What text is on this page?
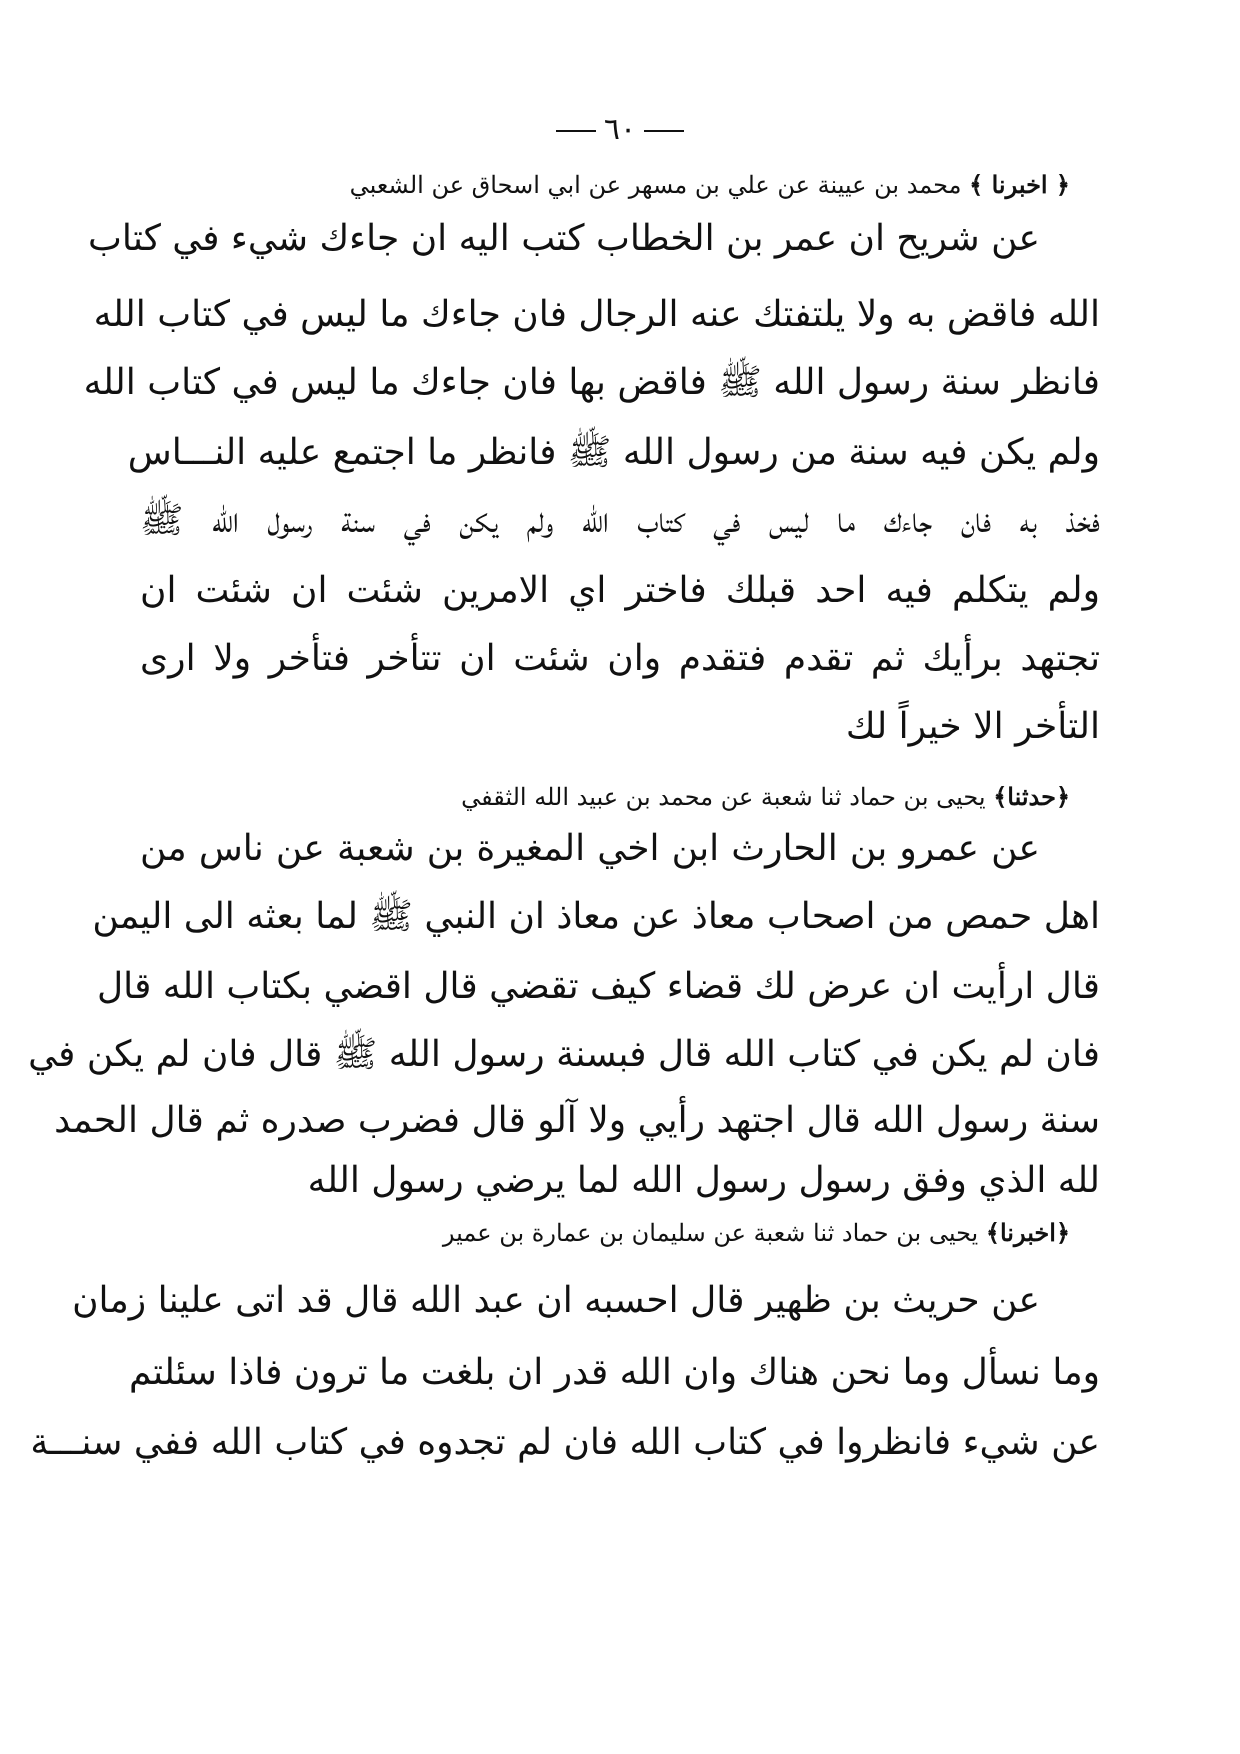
٦٠
﴿ اخبرنا ﴾ محمد بن عيينة عن علي بن مسهر عن ابي اسحاق عن الشعبي
عن شريح ان عمر بن الخطاب كتب اليه ان جاءك شيء في كتاب
الله فاقض به ولا يلتفتك عنه الرجال فان جاءك ما ليس في كتاب الله
فانظر سنة رسول الله ﷺ فاقض بها فان جاءك ما ليس في كتاب الله
ولم يكن فيه سنة من رسول الله ﷺ فانظر ما اجتمع عليه النـــاس
فخذ به فان جاءك ما ليس في كتاب الله ولم يكن في سنة رسول الله ﷺ
ولم يتكلم فيه احد قبلك فاختر اي الامرين شئت ان شئت ان
تجتهد برأيك ثم تقدم فتقدم وان شئت ان تتأخر فتأخر ولا ارى
التأخر الا خيراً لك
﴿حدثنا﴾ يحيى بن حماد ثنا شعبة عن محمد بن عبيد الله الثقفي
عن عمرو بن الحارث ابن اخي المغيرة بن شعبة عن ناس من
اهل حمص من اصحاب معاذ عن معاذ ان النبي ﷺ لما بعثه الى اليمن
قال ارأيت ان عرض لك قضاء كيف تقضي قال اقضي بكتاب الله قال
فان لم يكن في كتاب الله قال فبسنة رسول الله ﷺ قال فان لم يكن في
سنة رسول الله قال اجتهد رأيي ولا آلو قال فضرب صدره ثم قال الحمد
لله الذي وفق رسول رسول الله لما يرضي رسول الله
﴿اخبرنا﴾ يحيى بن حماد ثنا شعبة عن سليمان بن عمارة بن عمير
عن حريث بن ظهير قال احسبه ان عبد الله قال قد اتى علينا زمان
وما نسأل وما نحن هناك وان الله قدر ان بلغت ما ترون فاذا سئلتم
عن شيء فانظروا في كتاب الله فان لم تجدوه في كتاب الله ففي سنـــة
